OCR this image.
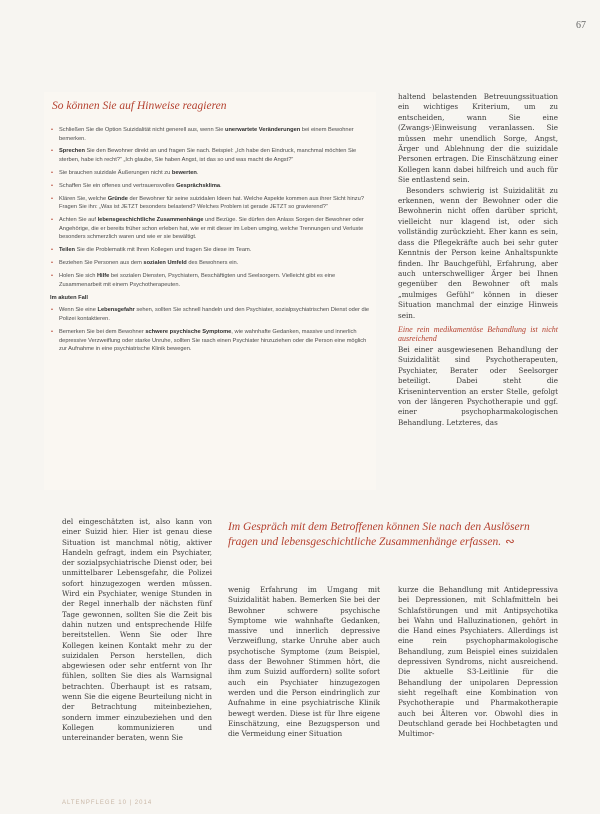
67
So können Sie auf Hinweise reagieren
• Schließen Sie die Option Suizidalität nicht generell aus, wenn Sie unerwartete Veränderungen bei einem Bewohner bemerken.
• Sprechen Sie den Bewohner direkt an und fragen Sie nach. Beispiel: „Ich habe den Eindruck, manchmal möchten Sie sterben, habe ich recht?“ „Ich glaube, Sie haben Angst, ist das so und was macht die Angst?“
• Sie brauchen suizidale Äußerungen nicht zu bewerten.
• Schaffen Sie ein offenes und vertrauensvolles Gesprächsklima.
• Klären Sie, welche Gründe der Bewohner für seine suizidalen Ideen hat. Welche Aspekte kommen aus ihrer Sicht hinzu? Fragen Sie ihn: „Was ist JETZT besonders belastend? Welches Problem ist gerade JETZT so gravierend?“
• Achten Sie auf lebensgeschichtliche Zusammenhänge und Bezüge. Sie dürfen den Anlass Sorgen der Bewohner oder Angehörige, die er bereits früher schon erleben hat, wie er mit dieser im Leben umging, welche Trennungen und Verluste besonders schmerzlich waren und wie er sie bewältigt.
• Teilen Sie die Problematik mit Ihren Kollegen und tragen Sie diese im Team.
• Beziehen Sie Personen aus dem sozialen Umfeld des Bewohners ein.
• Holen Sie sich Hilfe bei sozialen Diensten, Psychiatern, Beschäftigten und Seelsorgern. Vielleicht gibt es eine Zusammenarbeit mit einem Psychotherapeuten.
Im akuten Fall
• Wenn Sie eine Lebensgefahr sehen, sollten Sie schnell handeln und den Psychiater, sozialpsychiatrischen Dienst oder die Polizei kontaktieren.
• Bemerken Sie bei dem Bewohner schwere psychische Symptome, wie wahnhafte Gedanken, massive und innerlich depressive Verzweiflung oder starke Unruhe, sollten Sie rasch einen Psychiater hinzuziehen oder die Person eine möglich zur Aufnahme in eine psychiatrische Klinik bewegen.

haltend belastenden Betreuungssituation ein wichtiges Kriterium, um zu entscheiden, wann Sie eine (Zwangs-)Einweisung veranlassen. Sie müssen mehr unendlich Sorge, Angst, Ärger und Ablehnung der die suizidale Personen ertragen. Die Einschätzung einer Kollegen kann dabei hilfreich und auch für Sie entlastend sein.

Besonders schwierig ist Suizidalität zu erkennen, wenn der Bewohner oder die Bewohnerin nicht offen darüber spricht, vielleicht nur klagend ist, oder sich vollständig zurückzieht. Eher kann es sein, dass die Pflegekräfte auch bei sehr guter Kenntnis der Person keine Anhaltspunkte finden. Ihr Bauchgefühl, Erfahrung, aber auch unterschwelliger Ärger bei Ihnen gegenüber den Bewohner oft mals „mulmiges Gefühl“ können in dieser Situation manchmal der einzige Hinweis sein.

Eine rein medikamentöse Behandlung ist nicht ausreichend

Bei einer ausgewiesenen Behandlung der Suizidalität sind Psychotherapeuten, Psychiater, Berater oder Seelsorger beteiligt. Dabei steht die Krisenintervention an erster Stelle, gefolgt von der längeren Psychotherapie und ggf. einer psychopharmakologischen Behandlung. Letzteres, das

del eingeschätzten ist, also kann von einer Suizid hier. Hier ist genau diese Situation ist manchmal nötig, aktiver Handeln gefragt, indem ein Psychiater, der sozialpsychiatrische Dienst oder, bei unmittelbarer Lebensgefahr, die Polizei sofort hinzugezogen werden müssen. Wird ein Psychiater, wenige Stunden in der Regel innerhalb der nächsten fünf Tage gewonnen, sollten Sie die Zeit bis dahin nutzen und entsprechende Hilfe bereitstellen. Wenn Sie oder Ihre Kollegen keinen Kontakt mehr zu der suizidalen Person herstellen, dich abgewiesen oder sehr entfernt von Ihr fühlen, sollten Sie dies als Warnsignal betrachten. Überhaupt ist es ratsam, wenn Sie die eigene Beurteilung nicht in der Betrachtung miteinbeziehen, sondern immer einzubeziehen und den Kollegen kommunizieren und untereinander beraten, wenn Sie
Im Gespräch mit dem Betroffenen können Sie nach den Auslösern fragen und lebensgeschichtliche Zusammenhänge erfassen. ∾
wenig Erfahrung im Umgang mit Suizidalität haben. Bemerken Sie bei der Bewohner schwere psychische Symptome wie wahnhafte Gedanken, massive und innerlich depressive Verzweiflung, starke Unruhe aber auch psychotische Symptome (zum Beispiel, dass der Bewohner Stimmen hört, die ihm zum Suizid auffordern) sollte sofort auch ein Psychiater hinzugezogen werden und die Person eindringlich zur Aufnahme in eine psychiatrische Klinik bewegt werden. Diese ist für Ihre eigene Einschätzung, eine Bezugsperson und die Vermeidung einer Situation
kurze die Behandlung mit Antidepressiva bei Depressionen, mit Schlafmitteln bei Schlafstörungen und mit Antipsychotika bei Wahn und Halluzinationen, gehört in die Hand eines Psychiaters. Allerdings ist eine rein psychopharmakologische Behandlung, zum Beispiel eines suizidalen depressiven Syndroms, nicht ausreichend. Die aktuelle S3-Leitlinie für die Behandlung der unipolaren Depression sieht regelhaft eine Kombination von Psychotherapie und Pharmakotherapie auch bei Älteren vor. Obwohl dies in Deutschland gerade bei Hochbetagten und Multimor-
ALTENPFLEGE 10 | 2014
